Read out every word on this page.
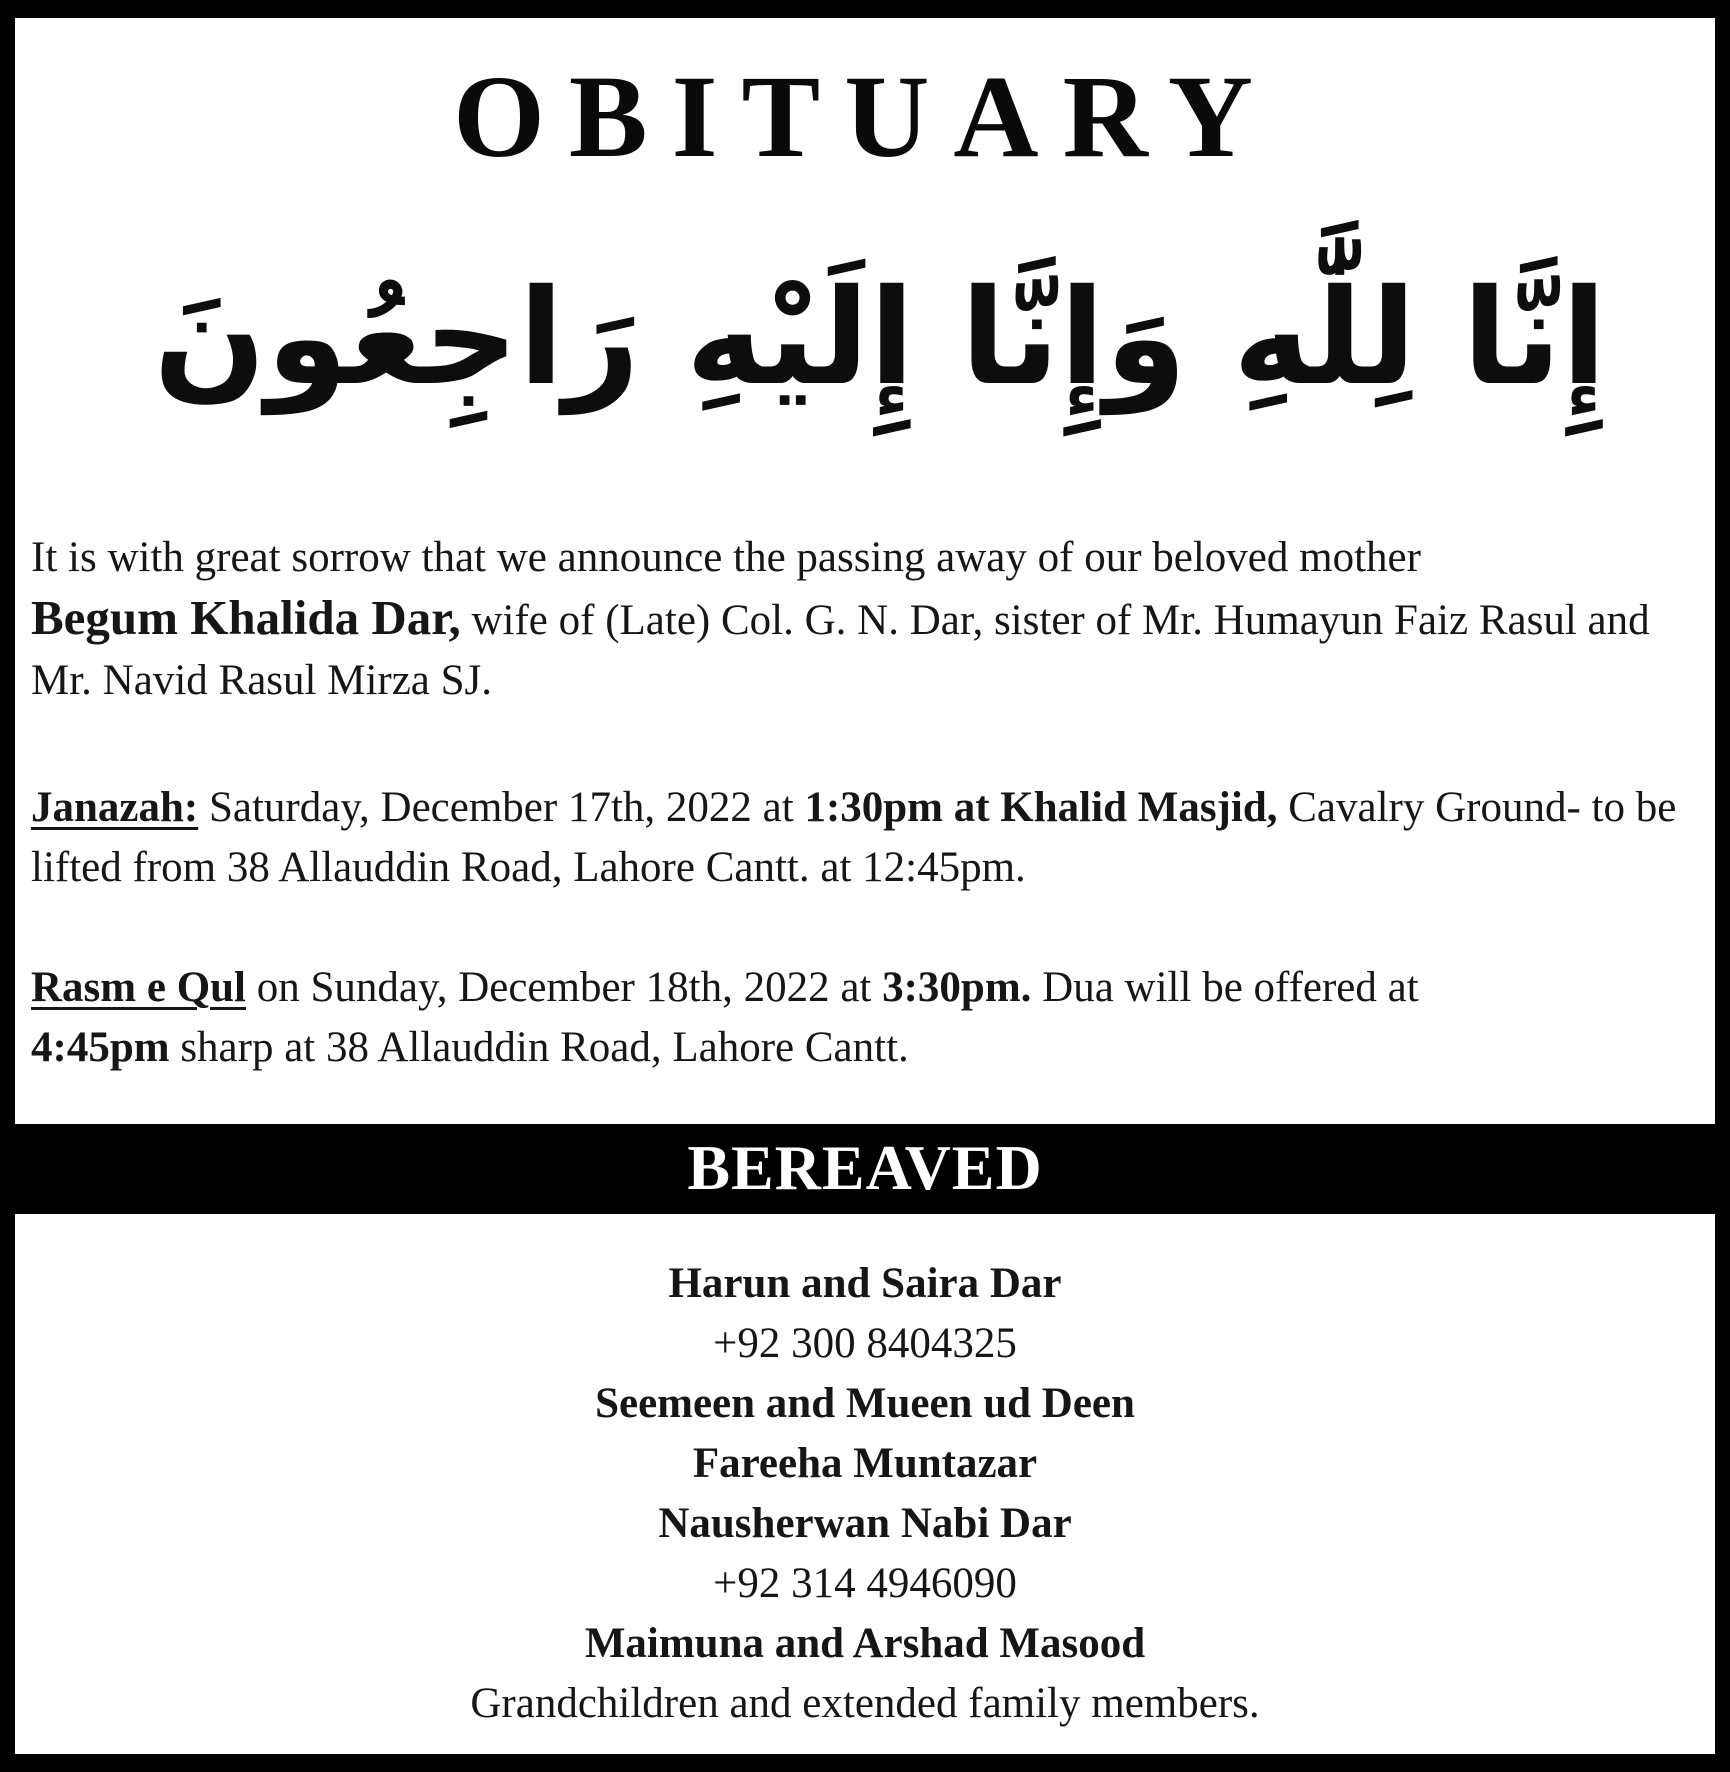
OBITUARY
إِنَّا لِلَّٰهِ وَإِنَّا إِلَيْهِ رَاجِعُونَ
It is with great sorrow that we announce the passing away of our beloved mother
Begum Khalida Dar, wife of (Late) Col. G. N. Dar, sister of Mr. Humayun Faiz Rasul and Mr. Navid Rasul Mirza SJ.
Janazah: Saturday, December 17th, 2022 at 1:30pm at Khalid Masjid, Cavalry Ground- to be lifted from 38 Allauddin Road, Lahore Cantt. at 12:45pm.
Rasm e Qul on Sunday, December 18th, 2022 at 3:30pm. Dua will be offered at
4:45pm sharp at 38 Allauddin Road, Lahore Cantt.
BEREAVED
Harun and Saira Dar
+92 300 8404325
Seemeen and Mueen ud Deen
Fareeha Muntazar
Nausherwan Nabi Dar
+92 314 4946090
Maimuna and Arshad Masood
Grandchildren and extended family members.
